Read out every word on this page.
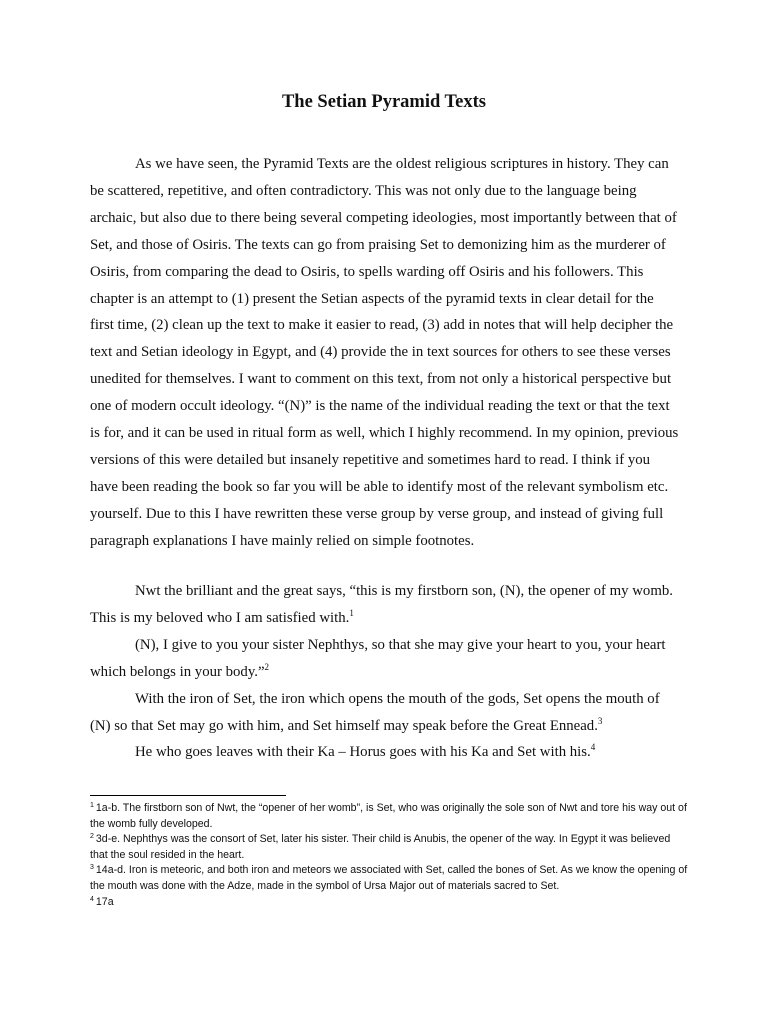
The Setian Pyramid Texts

As we have seen, the Pyramid Texts are the oldest religious scriptures in history. They can be scattered, repetitive, and often contradictory. This was not only due to the language being archaic, but also due to there being several competing ideologies, most importantly between that of Set, and those of Osiris. The texts can go from praising Set to demonizing him as the murderer of Osiris, from comparing the dead to Osiris, to spells warding off Osiris and his followers. This chapter is an attempt to (1) present the Setian aspects of the pyramid texts in clear detail for the first time, (2) clean up the text to make it easier to read, (3) add in notes that will help decipher the text and Setian ideology in Egypt, and (4) provide the in text sources for others to see these verses unedited for themselves. I want to comment on this text, from not only a historical perspective but one of modern occult ideology. “(N)” is the name of the individual reading the text or that the text is for, and it can be used in ritual form as well, which I highly recommend. In my opinion, previous versions of this were detailed but insanely repetitive and sometimes hard to read. I think if you have been reading the book so far you will be able to identify most of the relevant symbolism etc. yourself. Due to this I have rewritten these verse group by verse group, and instead of giving full paragraph explanations I have mainly relied on simple footnotes.

Nwt the brilliant and the great says, “this is my firstborn son, (N), the opener of my womb. This is my beloved who I am satisfied with.$^1$

(N), I give to you your sister Nephthys, so that she may give your heart to you, your heart which belongs in your body.”$^2$

With the iron of Set, the iron which opens the mouth of the gods, Set opens the mouth of (N) so that Set may go with him, and Set himself may speak before the Great Ennead.$^3$

He who goes leaves with their Ka – Horus goes with his Ka and Set with his.$^4$

$^1$ 1a-b. The firstborn son of Nwt, the “opener of her womb”, is Set, who was originally the sole son of Nwt and tore his way out of the womb fully developed.

$^2$ 3d-e. Nephthys was the consort of Set, later his sister. Their child is Anubis, the opener of the way. In Egypt it was believed that the soul resided in the heart.

$^3$ 14a-d. Iron is meteoric, and both iron and meteors we associated with Set, called the bones of Set. As we know the opening of the mouth was done with the Adze, made in the symbol of Ursa Major out of materials sacred to Set.

$^4$ 17a
